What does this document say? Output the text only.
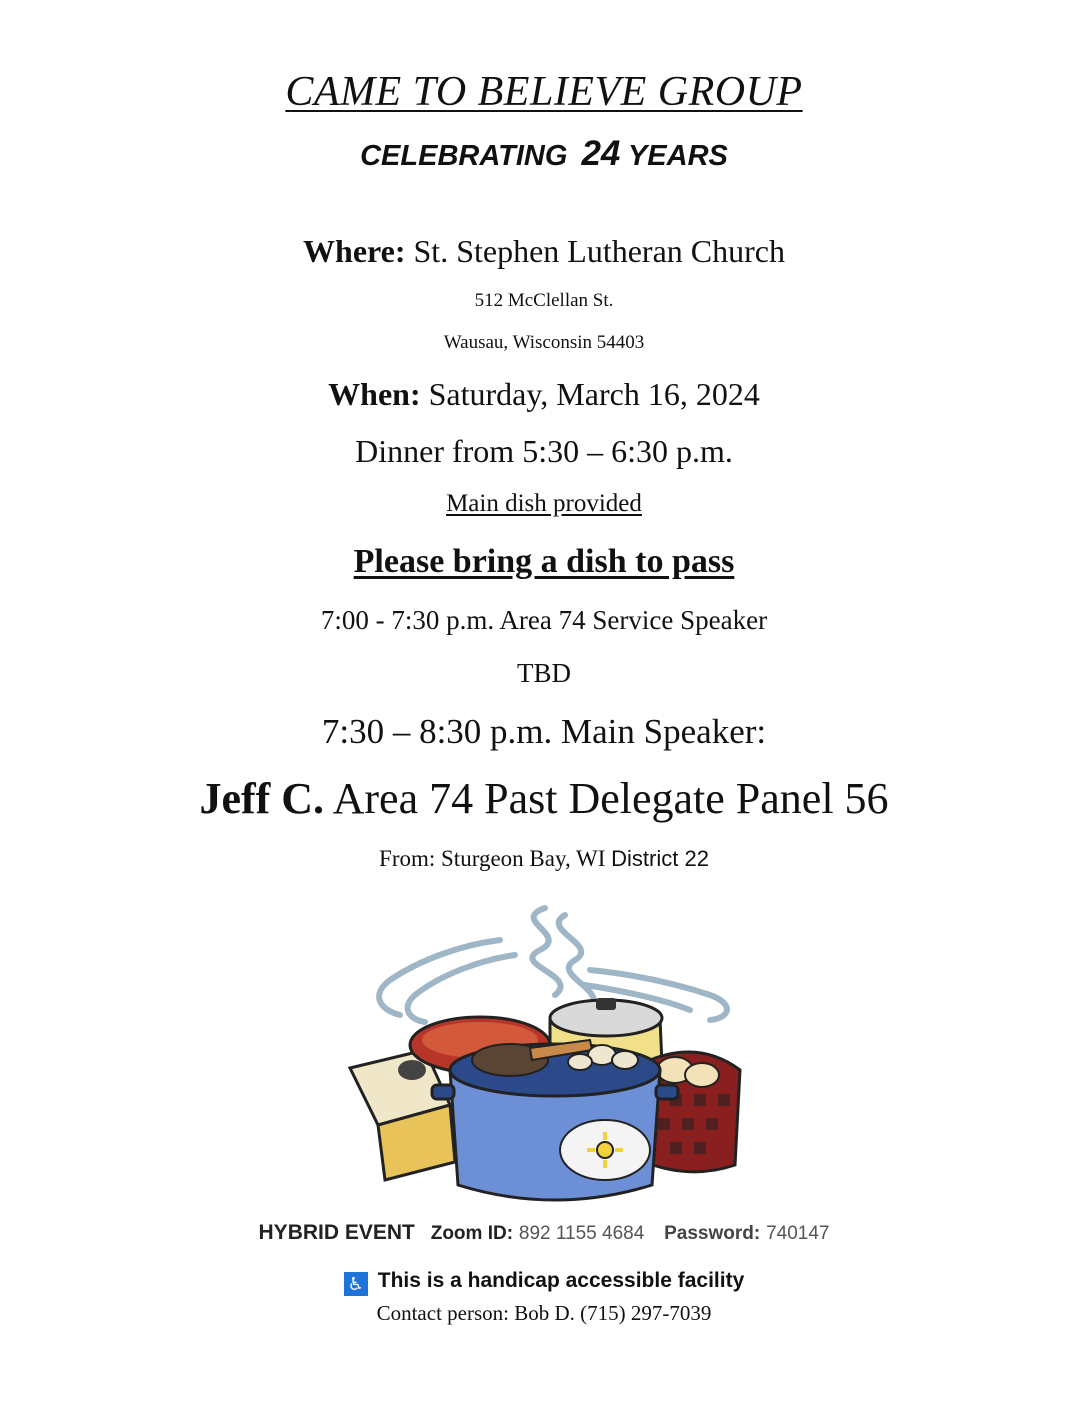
CAME TO BELIEVE GROUP
CELEBRATING 24 YEARS
Where: St. Stephen Lutheran Church
512 McClellan St.
Wausau, Wisconsin 54403
When: Saturday, March 16, 2024
Dinner from 5:30 – 6:30 p.m.
Main dish provided
Please bring a dish to pass
7:00 - 7:30 p.m. Area 74 Service Speaker
TBD
7:30 – 8:30 p.m. Main Speaker:
Jeff C. Area 74 Past Delegate Panel 56
From: Sturgeon Bay, WI District 22
HYBRID EVENT Zoom ID: 892 1155 4684 Password: 740147
♿ This is a handicap accessible facility
Contact person: Bob D. (715) 297-7039
